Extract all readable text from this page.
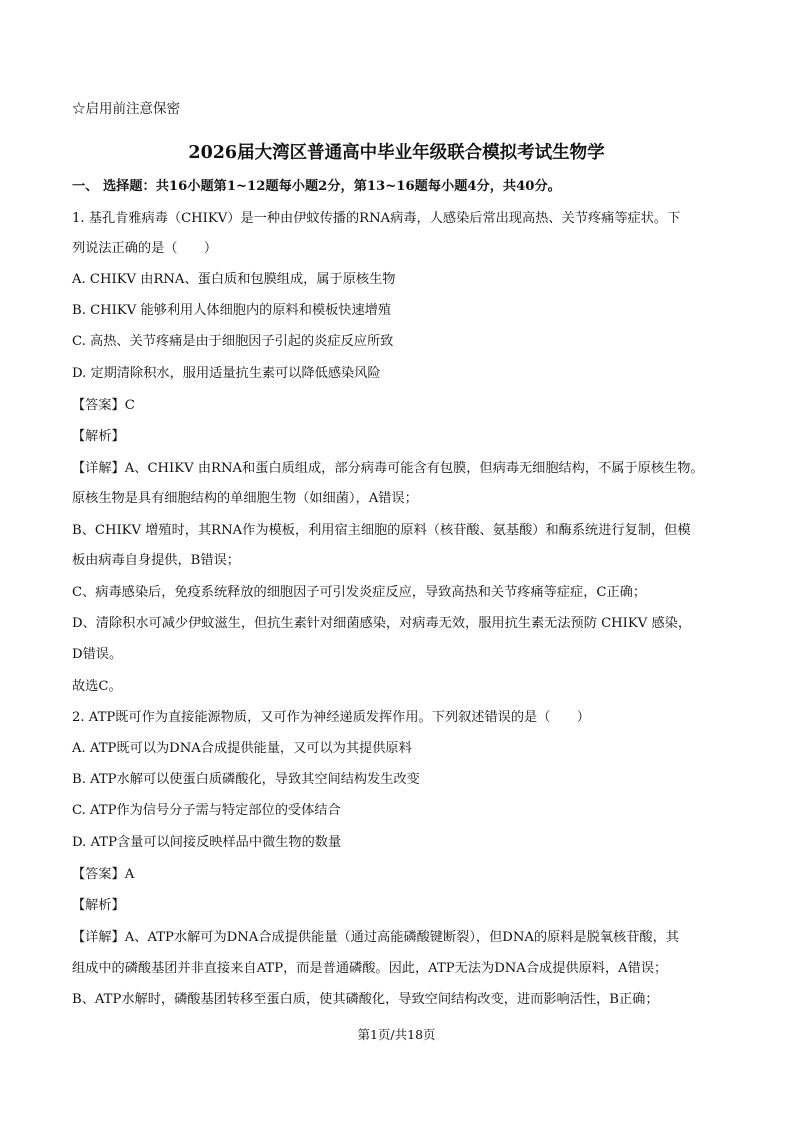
☆启用前注意保密
2026届大湾区普通高中毕业年级联合模拟考试生物学
一、 选择题：共16小题第1~12题每小题2分，第13~16题每小题4分，共40分。
1. 基孔肯雅病毒（CHIKV）是一种由伊蚊传播的RNA病毒，人感染后常出现高热、关节疼痛等症状。下
列说法正确的是（　　）
A. CHIKV 由RNA、蛋白质和包膜组成，属于原核生物
B. CHIKV 能够利用人体细胞内的原料和模板快速增殖
C. 高热、关节疼痛是由于细胞因子引起的炎症反应所致
D. 定期清除积水，服用适量抗生素可以降低感染风险
【答案】C
【解析】
【详解】A、CHIKV 由RNA和蛋白质组成，部分病毒可能含有包膜，但病毒无细胞结构，不属于原核生物。
原核生物是具有细胞结构的单细胞生物（如细菌），A错误；
B、CHIKV 增殖时，其RNA作为模板，利用宿主细胞的原料（核苷酸、氨基酸）和酶系统进行复制，但模
板由病毒自身提供，B错误；
C、病毒感染后，免疫系统释放的细胞因子可引发炎症反应，导致高热和关节疼痛等症症，C正确；
D、清除积水可减少伊蚊滋生，但抗生素针对细菌感染，对病毒无效，服用抗生素无法预防 CHIKV 感染，
D错误。
故选C。
2. ATP既可作为直接能源物质，又可作为神经递质发挥作用。下列叙述错误的是（　　）
A. ATP既可以为DNA合成提供能量，又可以为其提供原料
B. ATP水解可以使蛋白质磷酸化，导致其空间结构发生改变
C. ATP作为信号分子需与特定部位的受体结合
D. ATP含量可以间接反映样品中微生物的数量
【答案】A
【解析】
【详解】A、ATP水解可为DNA合成提供能量（通过高能磷酸键断裂），但DNA的原料是脱氧核苷酸，其
组成中的磷酸基团并非直接来自ATP，而是普通磷酸。因此，ATP无法为DNA合成提供原料，A错误；
B、ATP水解时，磷酸基团转移至蛋白质，使其磷酸化，导致空间结构改变，进而影响活性，B正确；
第1页/共18页
